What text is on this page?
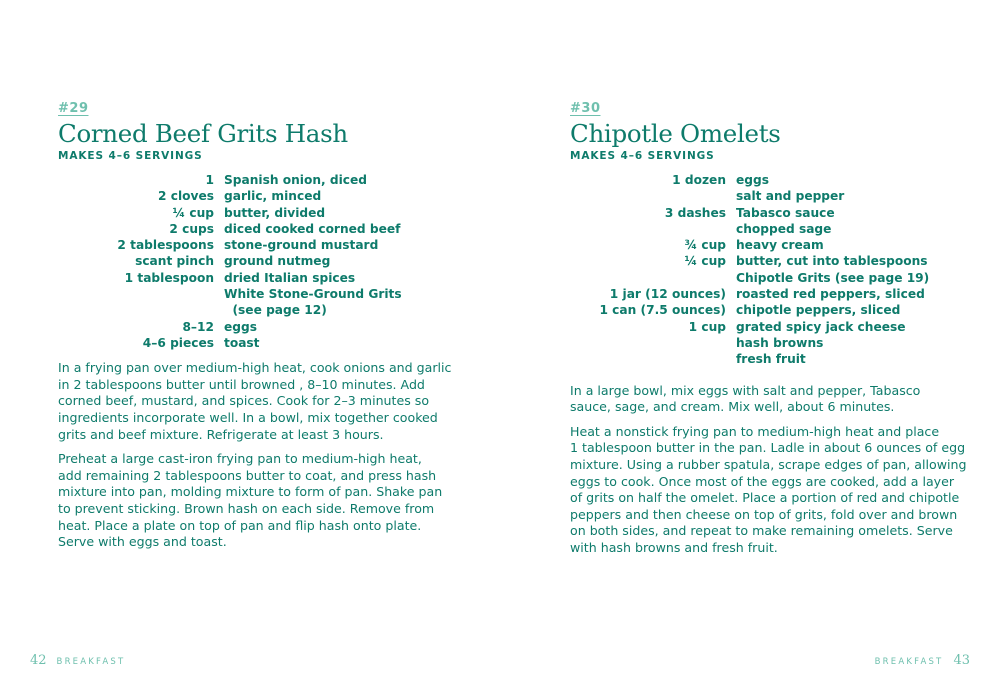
#29
Corned Beef Grits Hash
MAKES 4–6 SERVINGS
1 Spanish onion, diced
2 cloves garlic, minced
¼ cup butter, divided
2 cups diced cooked corned beef
2 tablespoons stone-ground mustard
scant pinch ground nutmeg
1 tablespoon dried Italian spices
White Stone-Ground Grits
(see page 12)
8–12 eggs
4–6 pieces toast

In a frying pan over medium-high heat, cook onions and garlic
in 2 tablespoons butter until browned , 8–10 minutes. Add
corned beef, mustard, and spices. Cook for 2–3 minutes so
ingredients incorporate well. In a bowl, mix together cooked
grits and beef mixture. Refrigerate at least 3 hours.

Preheat a large cast-iron frying pan to medium-high heat,
add remaining 2 tablespoons butter to coat, and press hash
mixture into pan, molding mixture to form of pan. Shake pan
to prevent sticking. Brown hash on each side. Remove from
heat. Place a plate on top of pan and flip hash onto plate.
Serve with eggs and toast.

42 BREAKFAST
#30
Chipotle Omelets
MAKES 4–6 SERVINGS
1 dozen eggs
salt and pepper
3 dashes Tabasco sauce
chopped sage
¾ cup heavy cream
¼ cup butter, cut into tablespoons
Chipotle Grits (see page 19)
1 jar (12 ounces) roasted red peppers, sliced
1 can (7.5 ounces) chipotle peppers, sliced
1 cup grated spicy jack cheese
hash browns
fresh fruit

In a large bowl, mix eggs with salt and pepper, Tabasco
sauce, sage, and cream. Mix well, about 6 minutes.

Heat a nonstick frying pan to medium-high heat and place
1 tablespoon butter in the pan. Ladle in about 6 ounces of egg
mixture. Using a rubber spatula, scrape edges of pan, allowing
eggs to cook. Once most of the eggs are cooked, add a layer
of grits on half the omelet. Place a portion of red and chipotle
peppers and then cheese on top of grits, fold over and brown
on both sides, and repeat to make remaining omelets. Serve
with hash browns and fresh fruit.

BREAKFAST 43
